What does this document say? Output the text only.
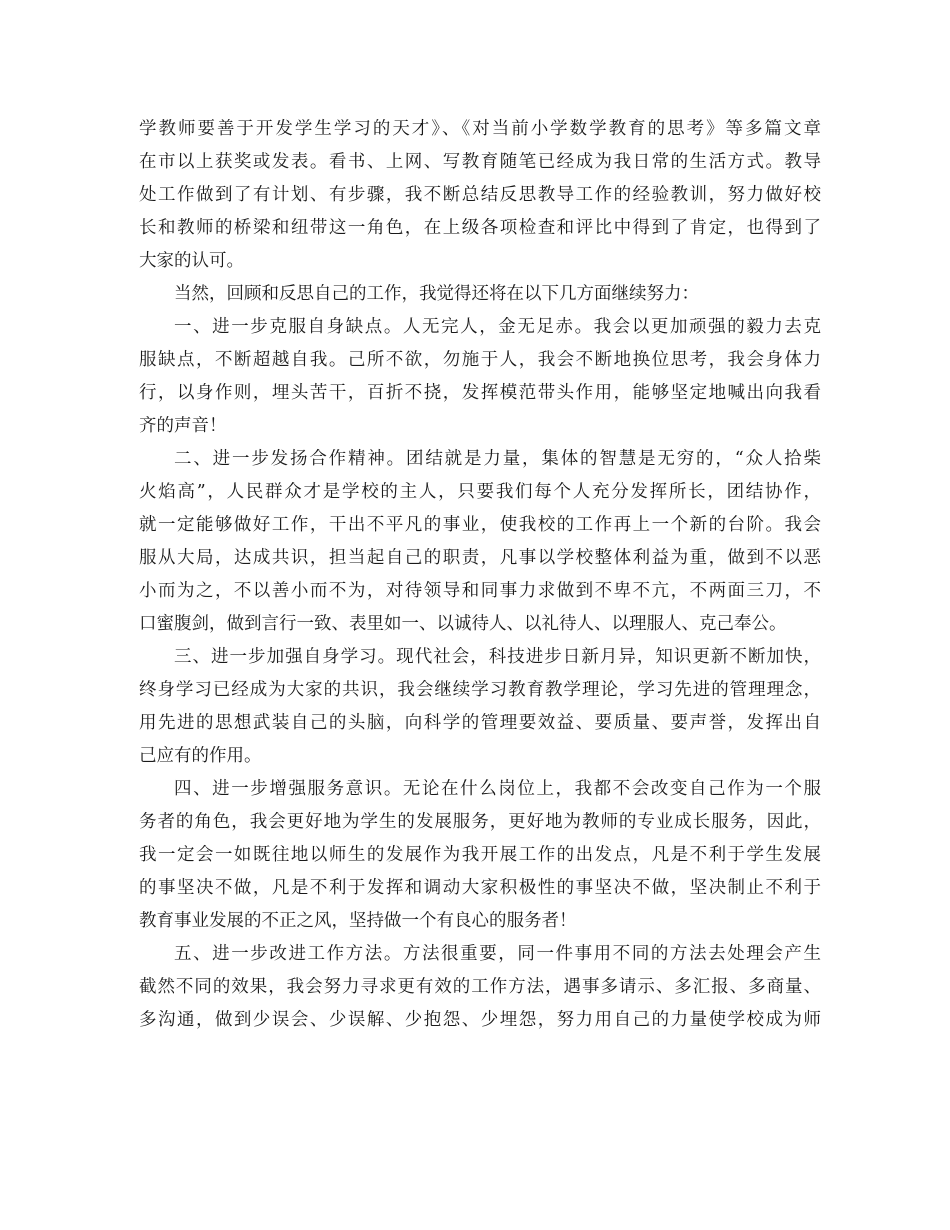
学教师要善于开发学生学习的天才》、《对当前小学数学教育的思考》等多篇文章
在市以上获奖或发表。看书、上网、写教育随笔已经成为我日常的生活方式。教导
处工作做到了有计划、有步骤，我不断总结反思教导工作的经验教训，努力做好校
长和教师的桥梁和纽带这一角色，在上级各项检查和评比中得到了肯定，也得到了
大家的认可。
当然，回顾和反思自己的工作，我觉得还将在以下几方面继续努力：
一、进一步克服自身缺点。人无完人，金无足赤。我会以更加顽强的毅力去克
服缺点，不断超越自我。己所不欲，勿施于人，我会不断地换位思考，我会身体力
行，以身作则，埋头苦干，百折不挠，发挥模范带头作用，能够坚定地喊出向我看
齐的声音！
二、进一步发扬合作精神。团结就是力量，集体的智慧是无穷的，“众人拾柴
火焰高”，人民群众才是学校的主人，只要我们每个人充分发挥所长，团结协作，
就一定能够做好工作，干出不平凡的事业，使我校的工作再上一个新的台阶。我会
服从大局，达成共识，担当起自己的职责，凡事以学校整体利益为重，做到不以恶
小而为之，不以善小而不为，对待领导和同事力求做到不卑不亢，不两面三刀，不
口蜜腹剑，做到言行一致、表里如一、以诚待人、以礼待人、以理服人、克己奉公。
三、进一步加强自身学习。现代社会，科技进步日新月异，知识更新不断加快，
终身学习已经成为大家的共识，我会继续学习教育教学理论，学习先进的管理理念，
用先进的思想武装自己的头脑，向科学的管理要效益、要质量、要声誉，发挥出自
己应有的作用。
四、进一步增强服务意识。无论在什么岗位上，我都不会改变自己作为一个服
务者的角色，我会更好地为学生的发展服务，更好地为教师的专业成长服务，因此，
我一定会一如既往地以师生的发展作为我开展工作的出发点，凡是不利于学生发展
的事坚决不做，凡是不利于发挥和调动大家积极性的事坚决不做，坚决制止不利于
教育事业发展的不正之风，坚持做一个有良心的服务者！
五、进一步改进工作方法。方法很重要，同一件事用不同的方法去处理会产生
截然不同的效果，我会努力寻求更有效的工作方法，遇事多请示、多汇报、多商量、
多沟通，做到少误会、少误解、少抱怨、少埋怨，努力用自己的力量使学校成为师
